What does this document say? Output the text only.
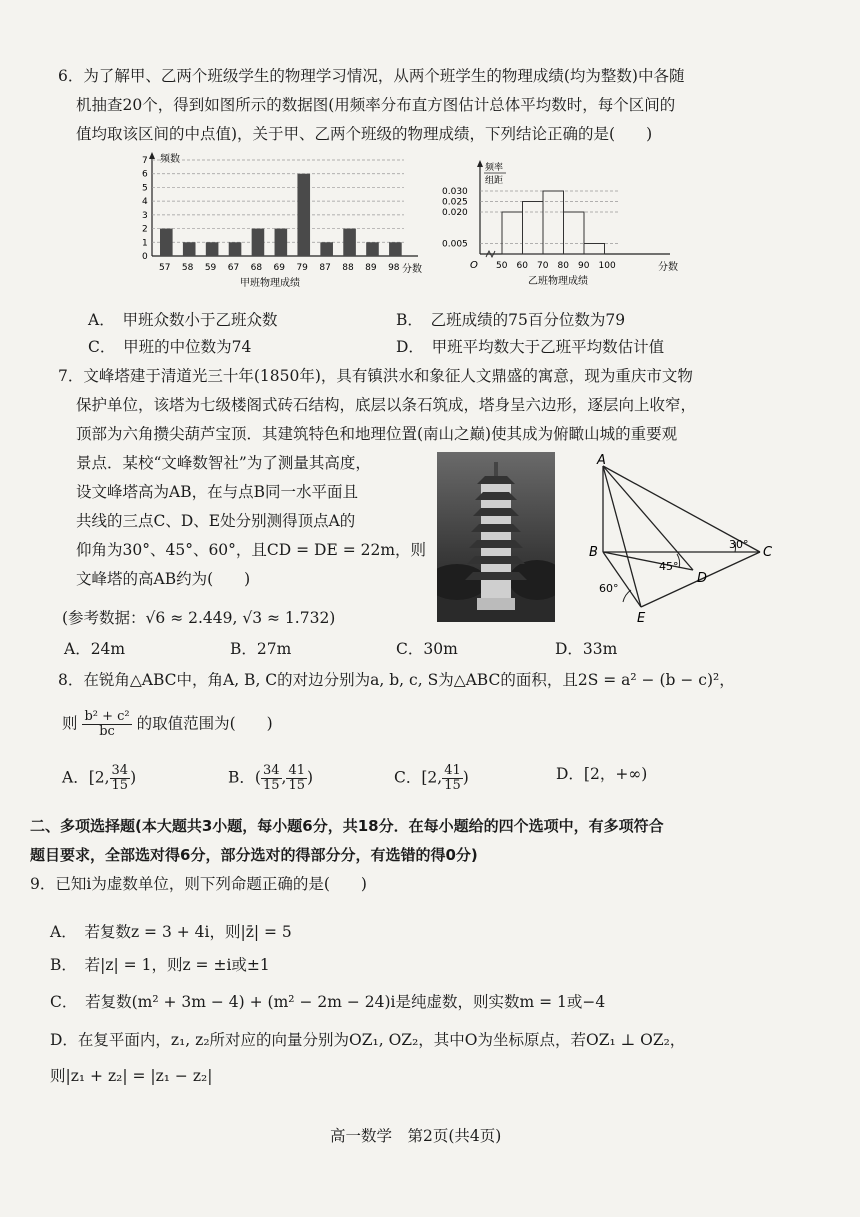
6．为了解甲、乙两个班级学生的物理学习情况，从两个班学生的物理成绩(均为整数)中各随
机抽查20个，得到如图所示的数据图(用频率分布直方图估计总体平均数时，每个区间的
值均取该区间的中点值)，关于甲、乙两个班级的物理成绩，下列结论正确的是(　　)
频数
0
1
2
3
4
5
6
7
57 58 59 67 68 69 79 87 88 89 98 分数
甲班物理成绩
频率
组距
0.005
0.020
0.025
0.030
O 50 60 70 80 90 100	分数
乙班物理成绩
A．　甲班众数小于乙班众数	B．　乙班成绩的75百分位数为79
C．　甲班的中位数为74	D．　甲班平均数大于乙班平均数估计值
7．文峰塔建于清道光三十年(1850年)，具有镇洪水和象征人文鼎盛的寓意，现为重庆市文物
保护单位，该塔为七级楼阁式砖石结构，底层以条石筑成，塔身呈六边形，逐层向上收窄，
顶部为六角攒尖葫芦宝顶．其建筑特色和地理位置(南山之巅)使其成为俯瞰山城的重要观
景点．某校“文峰数智社”为了测量其高度，
设文峰塔高为AB，在与点B同一水平面且
共线的三点C、D、E处分别测得顶点A的
仰角为30°、45°、60°，且CD = DE = 22m，则
文峰塔的高AB约为(　　)
A
B	C
D
E
30°
45°
60°
(参考数据：√6 ≈ 2.449, √3 ≈ 1.732)
A．24m	B．27m	C．30m	D．33m
8．在锐角△ABC中，角A, B, C的对边分别为a, b, c, S为△ABC的面积，且2S = a² − (b − c)²，
则 $\frac{\text{b² + c²}}{bc}$ 的取值范围为(　　)
A．[2, $\frac{34}{15}$ )	B．( $\frac{34}{15}$ , $\frac{41}{15}$ )	C．[2, $\frac{41}{15}$ )	D．[2，+∞)
二、多项选择题(本大题共3小题，每小题6分，共18分．在每小题给的四个选项中，有多项符合
题目要求，全部选对得6分，部分选对的得部分分，有选错的得0分)
9．已知i为虚数单位，则下列命题正确的是(　　)
A．　若复数z = 3 + 4i，则|z̄| = 5
B．　若|z| = 1，则z = ±i或±1
C．　若复数(m² + 3m − 4) + (m² − 2m − 24)i是纯虚数，则实数m = 1或−4
D．在复平面内，z₁, z₂所对应的向量分别为OZ₁, OZ₂，其中O为坐标原点，若OZ₁ ⊥ OZ₂，
则|z₁ + z₂| = |z₁ − z₂|
高一数学　第2页(共4页)
